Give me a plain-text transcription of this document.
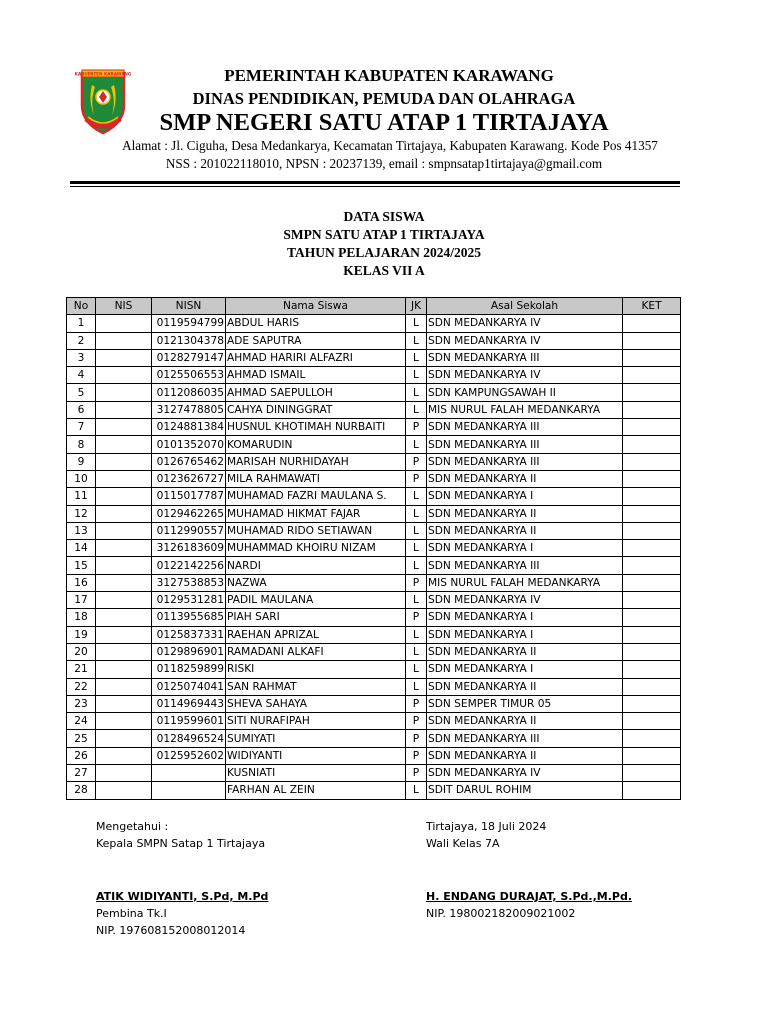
KABUPATEN KARAWANG	PEMERINTAH KABUPATEN KARAWANG
DINAS PENDIDIKAN, PEMUDA DAN OLAHRAGA
SMP NEGERI SATU ATAP 1 TIRTAJAYA
Alamat : Jl. Ciguha, Desa Medankarya, Kecamatan Tirtajaya, Kabupaten Karawang. Kode Pos 41357
NSS : 201022118010, NPSN : 20237139, email : smpnsatap1tirtajaya@gmail.com
DATA SISWA
SMPN SATU ATAP 1 TIRTAJAYA
TAHUN PELAJARAN 2024/2025
KELAS VII A
No	NIS	NISN	Nama Siswa	JK	Asal Sekolah	KET
1		0119594799	ABDUL HARIS	L	SDN MEDANKARYA IV	
2		0121304378	ADE SAPUTRA	L	SDN MEDANKARYA IV	
3		0128279147	AHMAD HARIRI ALFAZRI	L	SDN MEDANKARYA III	
4		0125506553	AHMAD ISMAIL	L	SDN MEDANKARYA IV	
5		0112086035	AHMAD SAEPULLOH	L	SDN KAMPUNGSAWAH II	
6		3127478805	CAHYA DININGGRAT	L	MIS NURUL FALAH MEDANKARYA	
7		0124881384	HUSNUL KHOTIMAH NURBAITI	P	SDN MEDANKARYA III	
8		0101352070	KOMARUDIN	L	SDN MEDANKARYA III	
9		0126765462	MARISAH NURHIDAYAH	P	SDN MEDANKARYA III	
10		0123626727	MILA RAHMAWATI	P	SDN MEDANKARYA II	
11		0115017787	MUHAMAD FAZRI MAULANA S.	L	SDN MEDANKARYA I	
12		0129462265	MUHAMAD HIKMAT FAJAR	L	SDN MEDANKARYA II	
13		0112990557	MUHAMAD RIDO SETIAWAN	L	SDN MEDANKARYA II	
14		3126183609	MUHAMMAD KHOIRU NIZAM	L	SDN MEDANKARYA I	
15		0122142256	NARDI	L	SDN MEDANKARYA III	
16		3127538853	NAZWA	P	MIS NURUL FALAH MEDANKARYA	
17		0129531281	PADIL MAULANA	L	SDN MEDANKARYA IV	
18		0113955685	PIAH SARI	P	SDN MEDANKARYA I	
19		0125837331	RAEHAN APRIZAL	L	SDN MEDANKARYA I	
20		0129896901	RAMADANI ALKAFI	L	SDN MEDANKARYA II	
21		0118259899	RISKI	L	SDN MEDANKARYA I	
22		0125074041	SAN RAHMAT	L	SDN MEDANKARYA II	
23		0114969443	SHEVA SAHAYA	P	SDN SEMPER TIMUR 05	
24		0119599601	SITI NURAFIPAH	P	SDN MEDANKARYA II	
25		0128496524	SUMIYATI	P	SDN MEDANKARYA III	
26		0125952602	WIDIYANTI	P	SDN MEDANKARYA II	
27			KUSNIATI	P	SDN MEDANKARYA IV	
28			FARHAN AL ZEIN	L	SDIT DARUL ROHIM	
Mengetahui :
Kepala SMPN Satap 1 Tirtajaya
ATIK WIDIYANTI, S.Pd, M.Pd
Pembina Tk.I
NIP. 197608152008012014
Tirtajaya, 18 Juli 2024
Wali Kelas 7A
H. ENDANG DURAJAT, S.Pd.,M.Pd.
NIP. 198002182009021002
